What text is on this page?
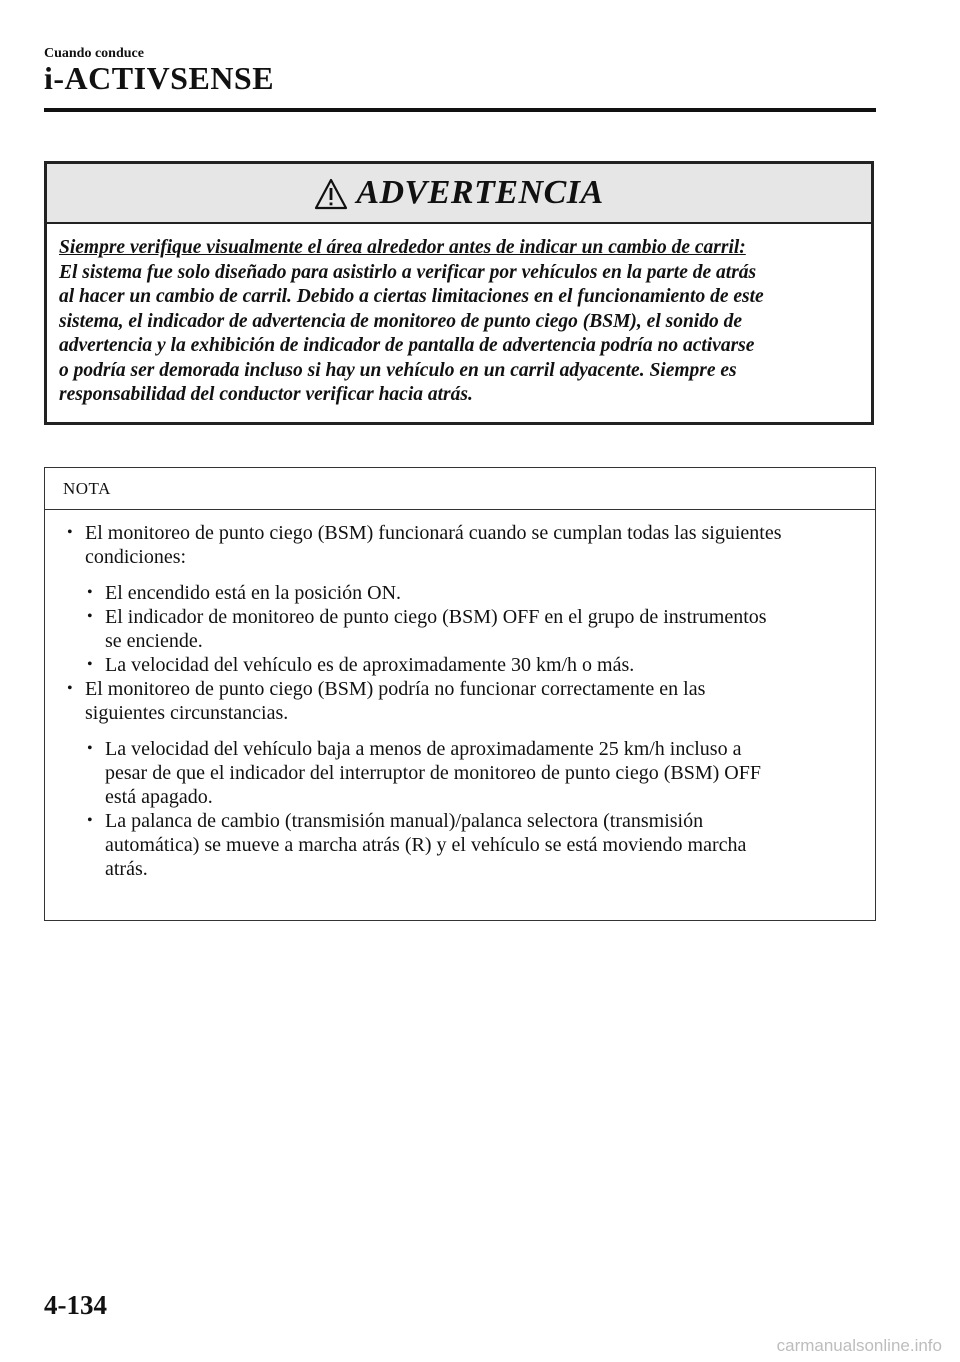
Cuando conduce
i-ACTIVSENSE
ADVERTENCIA
Siempre verifique visualmente el área alrededor antes de indicar un cambio de carril:
El sistema fue solo diseñado para asistirlo a verificar por vehículos en la parte de atrás
al hacer un cambio de carril. Debido a ciertas limitaciones en el funcionamiento de este
sistema, el indicador de advertencia de monitoreo de punto ciego (BSM), el sonido de
advertencia y la exhibición de indicador de pantalla de advertencia podría no activarse
o podría ser demorada incluso si hay un vehículo en un carril adyacente. Siempre es
responsabilidad del conductor verificar hacia atrás.
NOTA
• El monitoreo de punto ciego (BSM) funcionará cuando se cumplan todas las siguientes
condiciones:
• El encendido está en la posición ON.
• El indicador de monitoreo de punto ciego (BSM) OFF en el grupo de instrumentos
se enciende.
• La velocidad del vehículo es de aproximadamente 30 km/h o más.
• El monitoreo de punto ciego (BSM) podría no funcionar correctamente en las
siguientes circunstancias.
• La velocidad del vehículo baja a menos de aproximadamente 25 km/h incluso a
pesar de que el indicador del interruptor de monitoreo de punto ciego (BSM) OFF
está apagado.
• La palanca de cambio (transmisión manual)/palanca selectora (transmisión
automática) se mueve a marcha atrás (R) y el vehículo se está moviendo marcha
atrás.
4-134
carmanualsonline.info
